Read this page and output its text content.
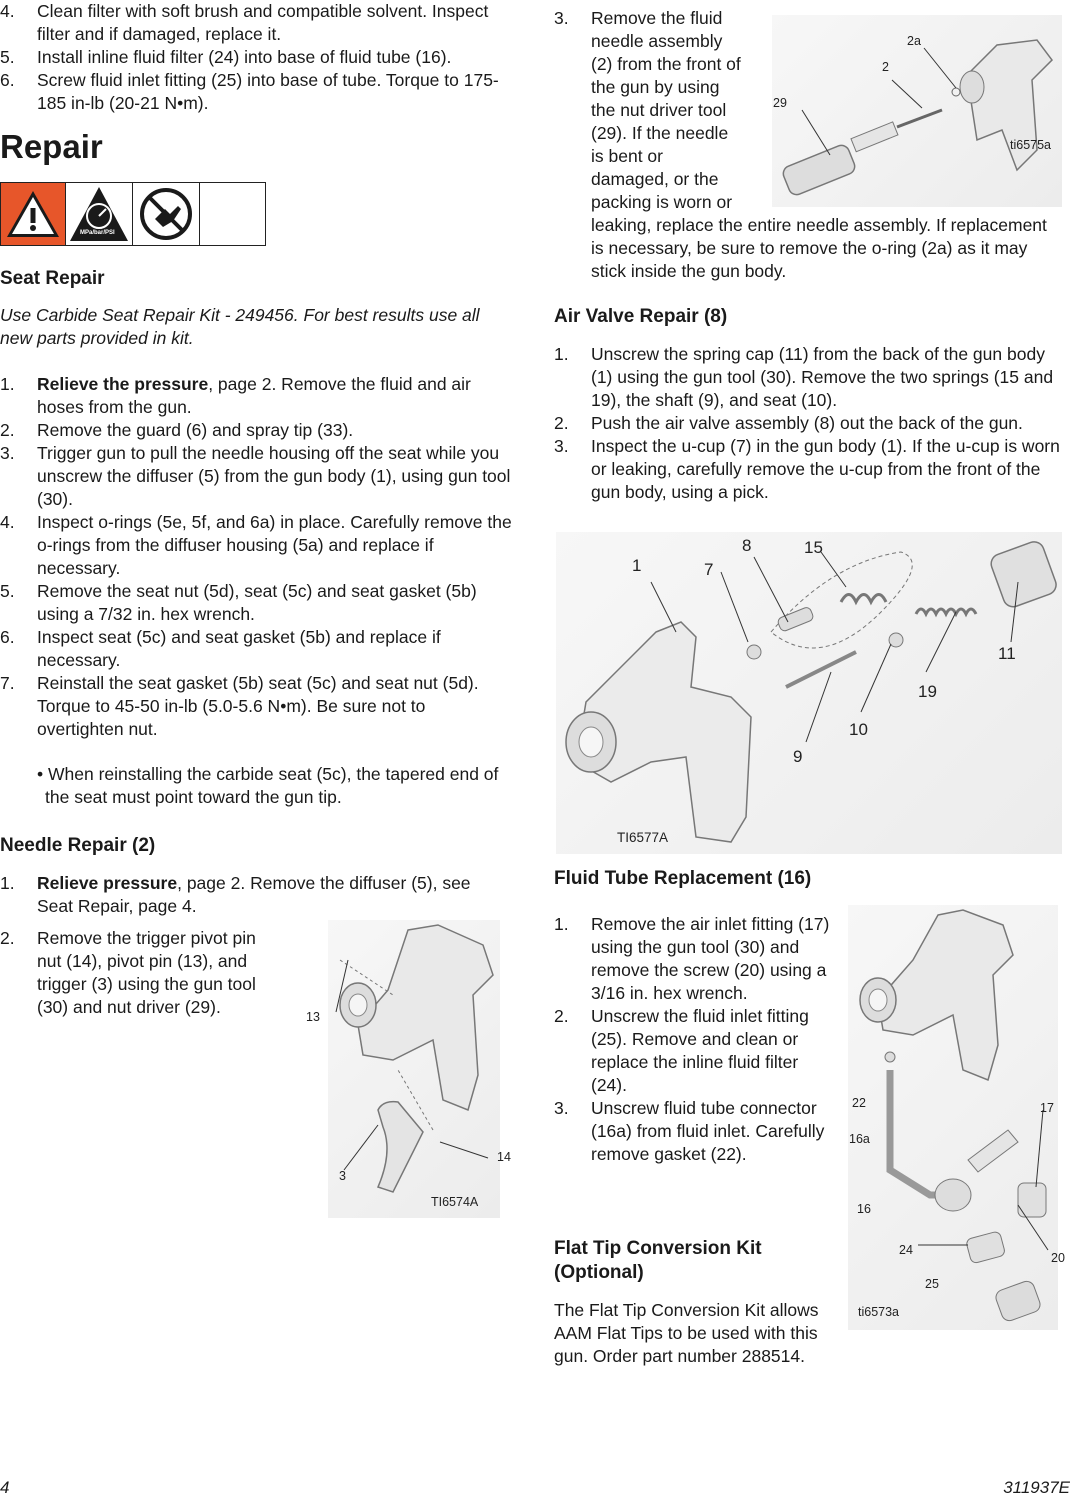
4. Clean filter with soft brush and compatible solvent. Inspect filter and if damaged, replace it.
5. Install inline fluid filter (24) into base of fluid tube (16).
6. Screw fluid inlet fitting (25) into base of tube. Torque to 175-185 in-lb (20-21 N•m).
Repair
MPa/bar/PSI
Seat Repair
Use Carbide Seat Repair Kit - 249456. For best results use all new parts provided in kit.
1. Relieve the pressure, page 2. Remove the fluid and air hoses from the gun.
2. Remove the guard (6) and spray tip (33).
3. Trigger gun to pull the needle housing off the seat while you unscrew the diffuser (5) from the gun body (1), using gun tool (30).
4. Inspect o-rings (5e, 5f, and 6a) in place. Carefully remove the o-rings from the diffuser housing (5a) and replace if necessary.
5. Remove the seat nut (5d), seat (5c) and seat gasket (5b) using a 7/32 in. hex wrench.
6. Inspect seat (5c) and seat gasket (5b) and replace if necessary.
7. Reinstall the seat gasket (5b) seat (5c) and seat nut (5d). Torque to 45-50 in-lb (5.0-5.6 N•m). Be sure not to overtighten nut.
• When reinstalling the carbide seat (5c), the tapered end of the seat must point toward the gun tip.
Needle Repair (2)
1. Relieve pressure, page 2. Remove the diffuser (5), see Seat Repair, page 4.
2. Remove the trigger pivot pin nut (14), pivot pin (13), and trigger (3) using the gun tool (30) and nut driver (29).	13
3
14
TI6574A
3. Remove the fluid
needle assembly
(2) from the front of
the gun by using
the nut driver tool
(29). If the needle
is bent or
damaged, or the
packing is worn or
leaking, replace the entire needle assembly. If replacement is necessary, be sure to remove the o-ring (2a) as it may stick inside the gun body.
2a
2
29
ti6575a
Air Valve Repair (8)
1. Unscrew the spring cap (11) from the back of the gun body (1) using the gun tool (30). Remove the two springs (15 and 19), the shaft (9), and seat (10).
2. Push the air valve assembly (8) out the back of the gun.
3. Inspect the u-cup (7) in the gun body (1). If the u-cup is worn or leaking, carefully remove the u-cup from the front of the gun body, using a pick.
1	7
8	15
11
19
10
9
TI6577A
Fluid Tube Replacement (16)
1. Remove the air inlet fitting (17) using the gun tool (30) and remove the screw (20) using a 3/16 in. hex wrench.
2. Unscrew the fluid inlet fitting (25). Remove and clean or replace the inline fluid filter (24).
3. Unscrew fluid tube connector (16a) from fluid inlet. Carefully remove gasket (22).
22	17
16a
16
24
20
25
ti6573a
Flat Tip Conversion Kit
(Optional)
The Flat Tip Conversion Kit allows AAM Flat Tips to be used with this gun. Order part number 288514.
4	311937E
